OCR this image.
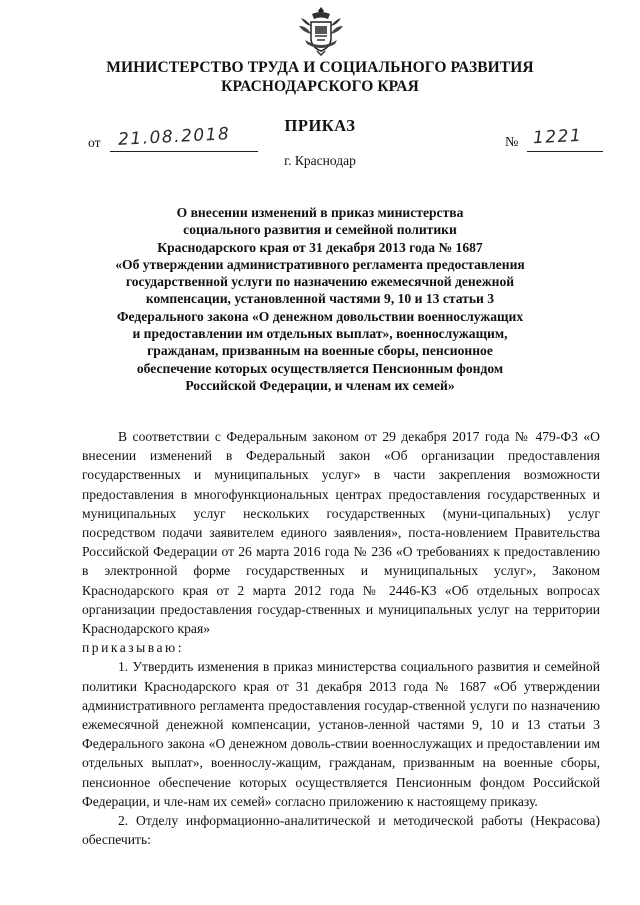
МИНИСТЕРСТВО ТРУДА И СОЦИАЛЬНОГО РАЗВИТИЯ
КРАСНОДАРСКОГО КРАЯ
ПРИКАЗ
от 21.08.2018	№ 1221
г. Краснодар

О внесении изменений в приказ министерства

социального развития и семейной политики

Краснодарского края от 31 декабря 2013 года № 1687

«Об утверждении административного регламента предоставления

государственной услуги по назначению ежемесячной денежной

компенсации, установленной частями 9, 10 и 13 статьи 3

Федерального закона «О денежном довольствии военнослужащих

и предоставлении им отдельных выплат», военнослужащим,

гражданам, призванным на военные сборы, пенсионное

обеспечение которых осуществляется Пенсионным фондом

Российской Федерации, и членам их семей»

В соответствии с Федеральным законом от 29 декабря 2017 года № 479-ФЗ «О внесении изменений в Федеральный закон «Об организации предоставления государственных и муниципальных услуг» в части закрепления возможности предоставления в многофункциональных центрах предоставления государственных и муниципальных услуг нескольких государственных (муни-ципальных) услуг посредством подачи заявителем единого заявления», поста-новлением Правительства Российской Федерации от 26 марта 2016 года № 236 «О требованиях к предоставлению в электронной форме государственных и муниципальных услуг», Законом Краснодарского края от 2 марта 2012 года № 2446-КЗ «Об отдельных вопросах организации предоставления государ-ственных и муниципальных услуг на территории Краснодарского края»

приказываю:

1. Утвердить изменения в приказ министерства социального развития и семейной политики Краснодарского края от 31 декабря 2013 года № 1687 «Об утверждении административного регламента предоставления государ-ственной услуги по назначению ежемесячной денежной компенсации, установ-ленной частями 9, 10 и 13 статьи 3 Федерального закона «О денежном доволь-ствии военнослужащих и предоставлении им отдельных выплат», военнослу-жащим, гражданам, призванным на военные сборы, пенсионное обеспечение которых осуществляется Пенсионным фондом Российской Федерации, и чле-нам их семей» согласно приложению к настоящему приказу.

2. Отделу информационно-аналитической и методической работы (Некрасова) обеспечить:
